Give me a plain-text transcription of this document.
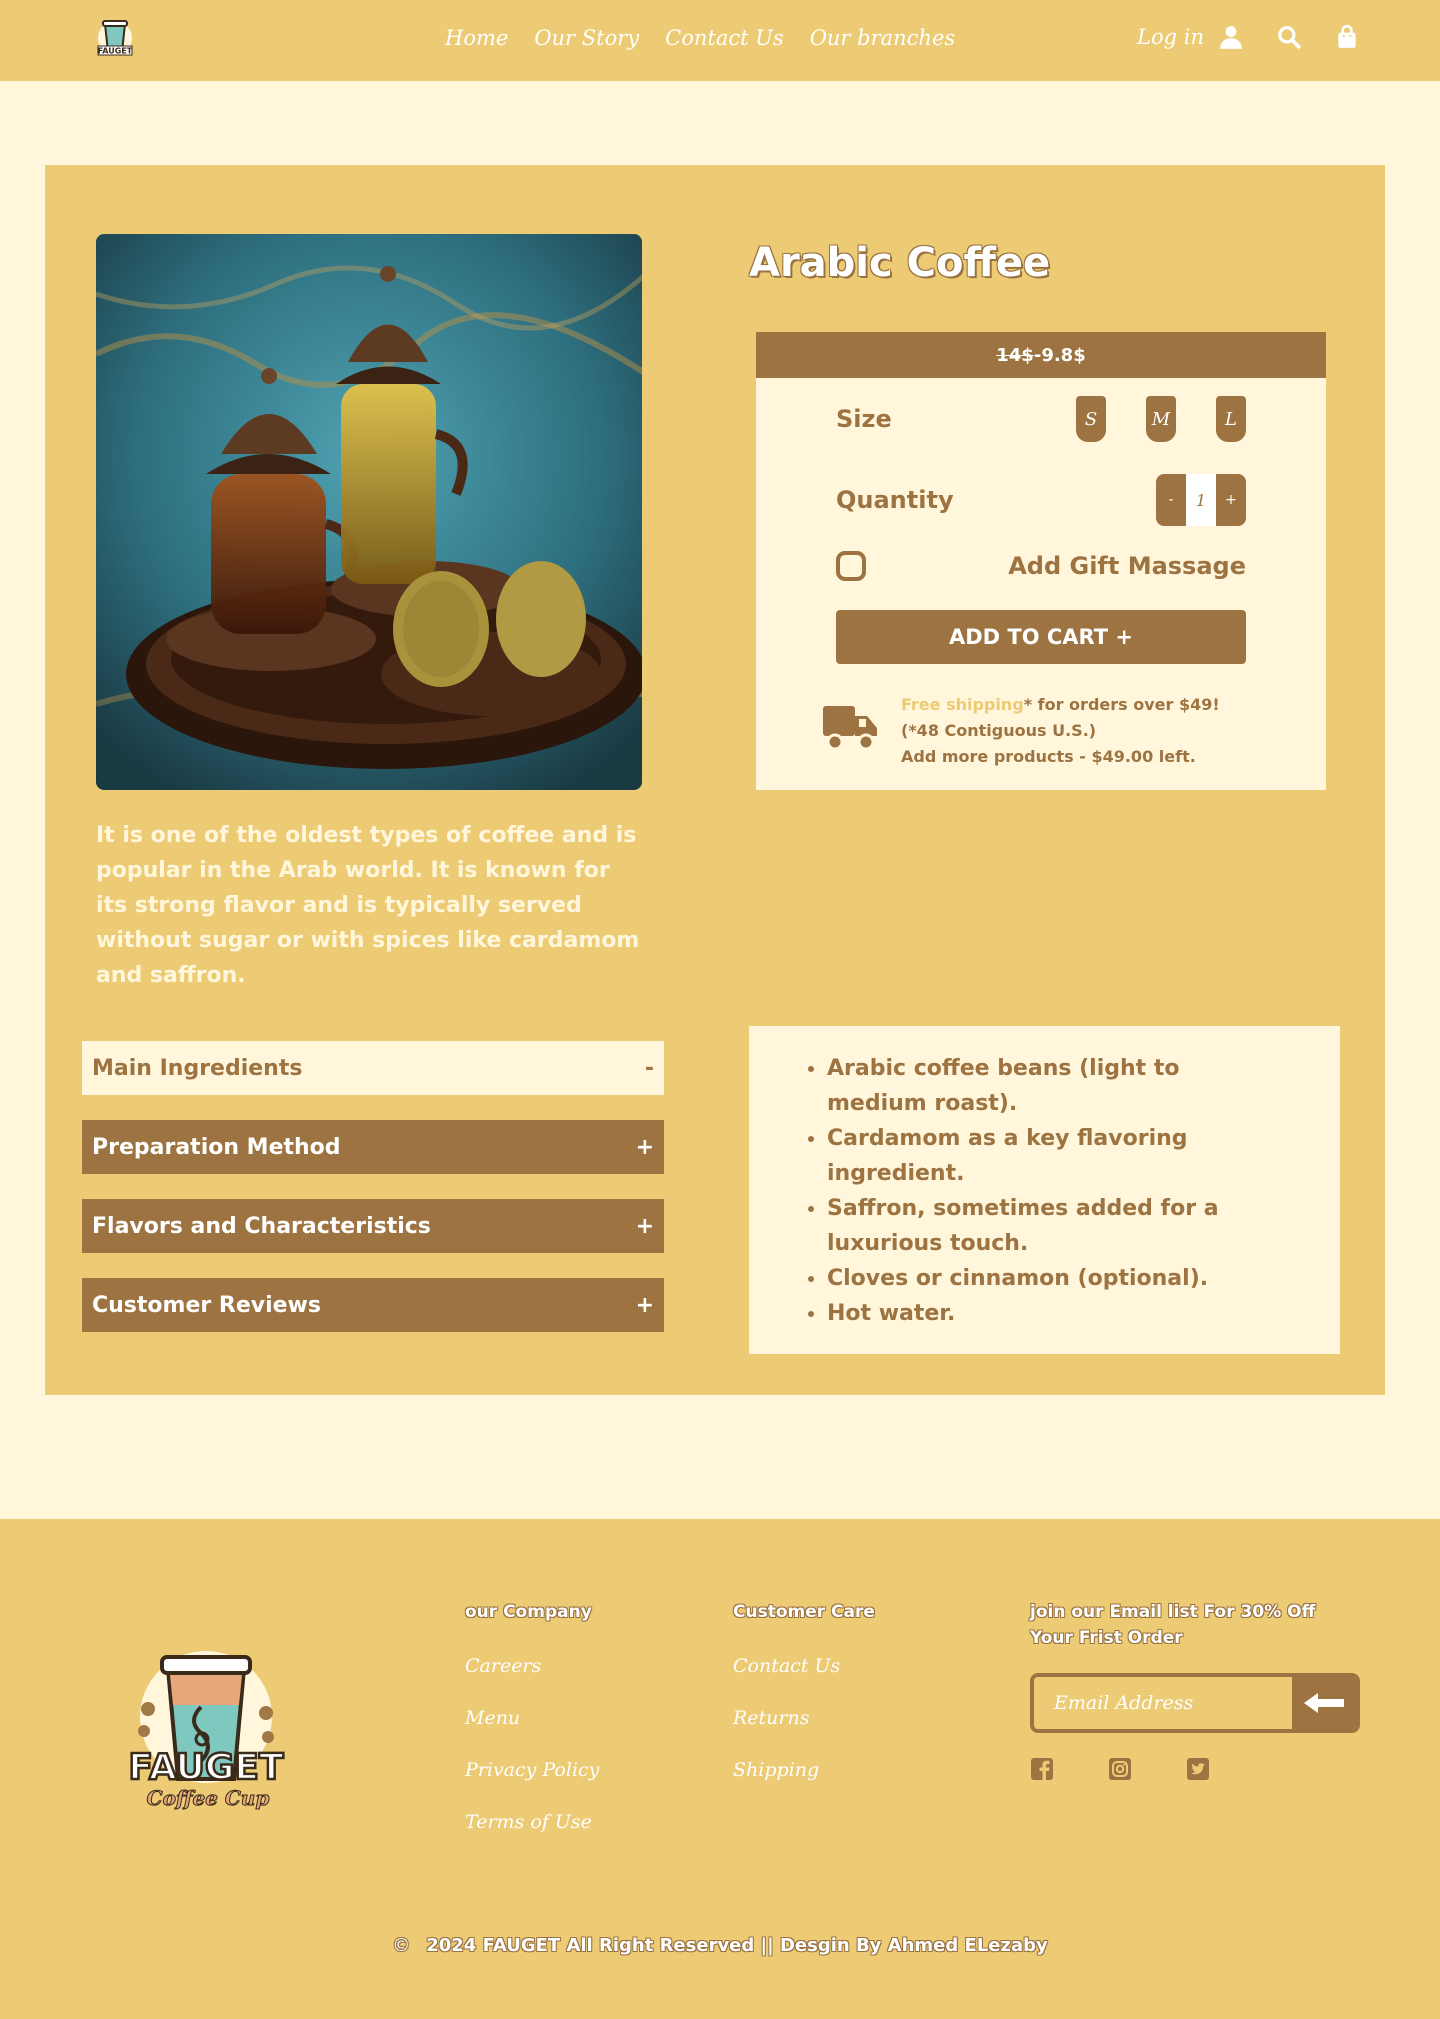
FAUGET
Home Our Story Contact Us Our branches	Log in
Arabic Coffee
14$ - 9.8$
Size	S	M	L
Quantity	-	1	+
Add Gift Massage
ADD TO CART +
Free shipping* for orders over $49!
(*48 Contiguous U.S.)
Add more products - $49.00 left.
It is one of the oldest types of coffee and is popular in the Arab world. It is known for its strong flavor and is typically served without sugar or with spices like cardamom and saffron.
Main Ingredients	-
Preparation Method	+
Flavors and Characteristics	+
Customer Reviews	+
• Arabic coffee beans (light to medium roast).
• Cardamom as a key flavoring ingredient.
• Saffron, sometimes added for a luxurious touch.
• Cloves or cinnamon (optional).
• Hot water.
FAUGET
Coffee Cup
our Company
Careers
Menu
Privacy Policy
Terms of Use
Customer Care
Contact Us
Returns
Shipping
join our Email list For 30% Off Your Frist Order
Email Address
© 2024 FAUGET All Right Reserved || Desgin By Ahmed ELezaby
